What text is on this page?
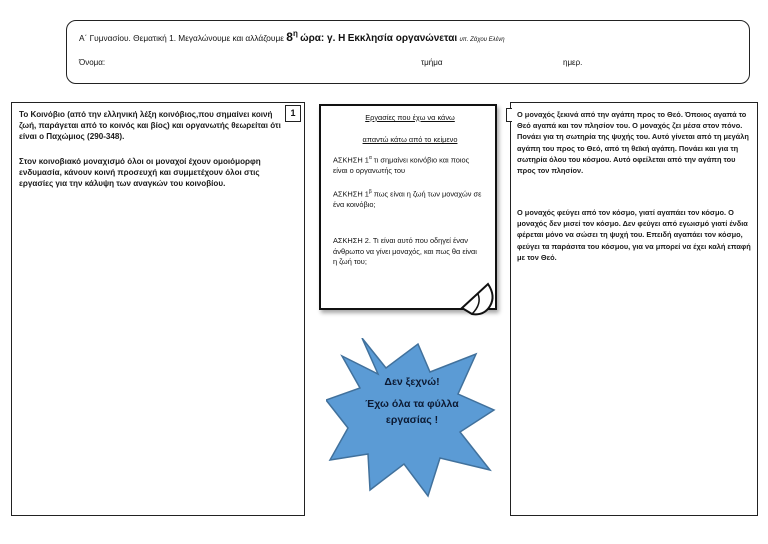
Α΄ Γυμνασίου. Θεματική 1. Μεγαλώνουμε και αλλάζουμε 8η ώρα: γ. Η Εκκλησία οργανώνεται υπ. Ζάχου Ελένη
Όνομα:	τμήμα	ημερ.
1

Το Κοινόβιο (από την ελληνική λέξη κοινόβιος,που σημαίνει κοινή ζωή, παράγεται από το κοινός και βίος) και οργανωτής θεωρείται ότι είναι ο Παχώμιος (290-348).

Στον κοινοβιακό μοναχισμό όλοι οι μοναχοί έχουν ομοιόμορφη ενδυμασία, κάνουν κοινή προσευχή και συμμετέχουν όλοι στις εργασίες για την κάλυψη των αναγκών του κοινοβίου.

Εργασίες που έχω να κάνω
απαντώ κάτω από το κείμενο
ΑΣΚΗΣΗ $1^\alpha$ τι σημαίνει κοινόβιο και ποιος είναι ο οργανωτής του
ΑΣΚΗΣΗ $1^\beta$ πως είναι η ζωή των μοναχών σε ένα κοινόβιο;
ΑΣΚΗΣΗ 2. Τι είναι αυτό που οδηγεί έναν άνθρωπο να γίνει μοναχός, και πως θα είναι η ζωή του;
Δεν ξεχνώ!
Έχω όλα τα φύλλα εργασίας !

Ο μοναχός ξεκινά από την αγάπη προς το Θεό. Όποιος αγαπά το Θεό αγαπά και τον πλησίον του. Ο μοναχός ζει μέσα στον πόνο. Πονάει για τη σωτηρία της ψυχής του. Αυτό γίνεται από τη μεγάλη αγάπη του προς το Θεό, από τη θεϊκή αγάπη. Πονάει και για τη σωτηρία όλου του κόσμου. Αυτό οφείλεται από την αγάπη του προς τον πλησίον.

Ο μοναχός φεύγει από τον κόσμο, γιατί αγαπάει τον κόσμο. Ο μοναχός δεν μισεί τον κόσμο. Δεν φεύγει από εγωισμό γιατί ένδια φέρεται μόνο να σώσει τη ψυχή του. Επειδή αγαπάει τον κόσμο, φεύγει τα παράσιτα του κόσμου, για να μπορεί να έχει καλή επαφή με τον Θεό.
